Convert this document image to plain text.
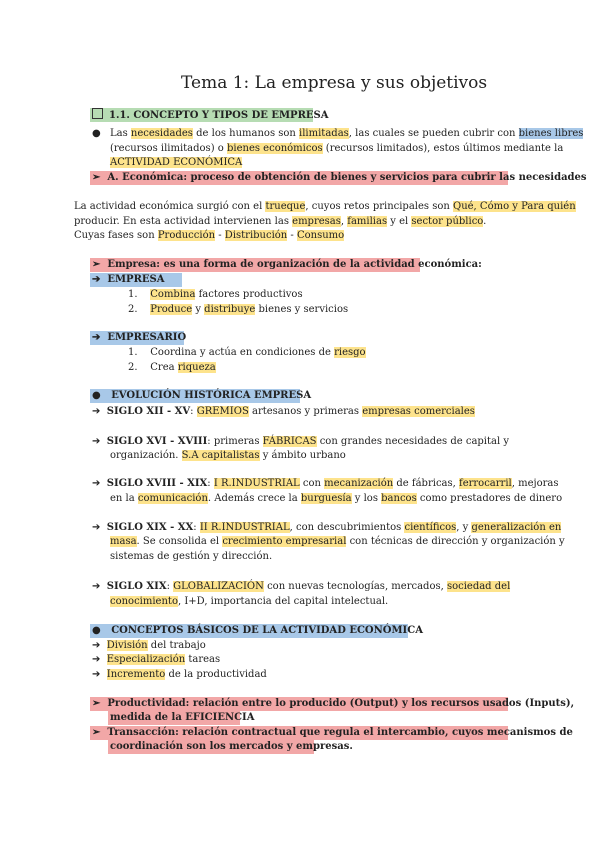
Tema 1: La empresa y sus objetivos
1.1. CONCEPTO Y TIPOS DE EMPRESA
● Las necesidades de los humanos son ilimitadas, las cuales se pueden cubrir con bienes libres
(recursos ilimitados) o bienes económicos (recursos limitados), estos últimos mediante la
ACTIVIDAD ECONÓMICA
➢ A. Económica: proceso de obtención de bienes y servicios para cubrir las necesidades
La actividad económica surgió con el trueque, cuyos retos principales son Qué, Cómo y Para quién
producir. En esta actividad intervienen las empresas, familias y el sector público.
Cuyas fases son Producción - Distribución - Consumo
➢ Empresa: es una forma de organización de la actividad económica:
➔ EMPRESA
1. Combina factores productivos
2. Produce y distribuye bienes y servicios
➔ EMPRESARIO
1. Coordina y actúa en condiciones de riesgo
2. Crea riqueza
● EVOLUCIÓN HISTÓRICA EMPRESA
➔ SIGLO XII - XV: GREMIOS artesanos y primeras empresas comerciales
➔ SIGLO XVI - XVIII: primeras FÁBRICAS con grandes necesidades de capital y
organización. S.A capitalistas y ámbito urbano
➔ SIGLO XVIII - XIX: I R.INDUSTRIAL con mecanización de fábricas, ferrocarril, mejoras
en la comunicación. Además crece la burguesía y los bancos como prestadores de dinero
➔ SIGLO XIX - XX: II R.INDUSTRIAL, con descubrimientos científicos, y generalización en
masa. Se consolida el crecimiento empresarial con técnicas de dirección y organización y
sistemas de gestión y dirección.
➔ SIGLO XIX: GLOBALIZACIÓN con nuevas tecnologías, mercados, sociedad del
conocimiento, I+D, importancia del capital intelectual.
● CONCEPTOS BÁSICOS DE LA ACTIVIDAD ECONÓMICA
➔ División del trabajo
➔ Especialización tareas
➔ Incremento de la productividad
➢ Productividad: relación entre lo producido (Output) y los recursos usados (Inputs),
medida de la EFICIENCIA
➢ Transacción: relación contractual que regula el intercambio, cuyos mecanismos de
coordinación son los mercados y empresas.
